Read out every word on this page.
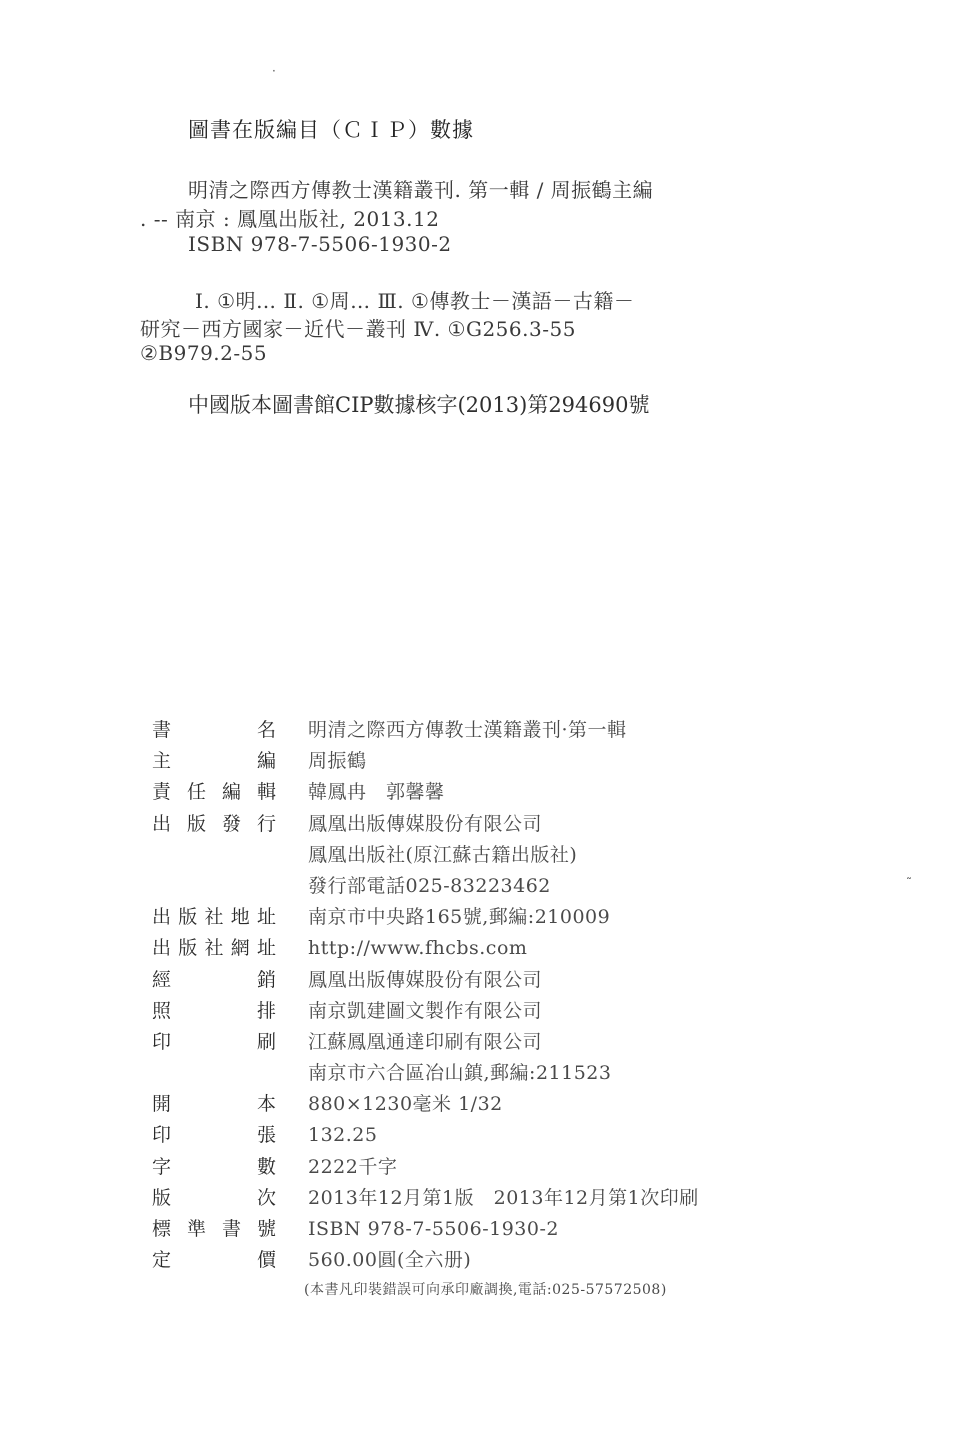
·
˜
圖書在版編目（ＣＩＰ）數據
明清之際西方傳教士漢籍叢刊. 第一輯 / 周振鶴主編
. -- 南京 : 鳳凰出版社, 2013.12
ISBN 978-7-5506-1930-2
Ⅰ. ①明… Ⅱ. ①周… Ⅲ. ①傳教士－漢語－古籍－
研究－西方國家－近代－叢刊 Ⅳ. ①G256.3-55
②B979.2-55
中國版本圖書館CIP數據核字(2013)第294690號
書 名 明清之際西方傳教士漢籍叢刊·第一輯
主 編 周振鶴
責 任 編 輯 韓鳳冉　郭馨馨
出 版 發 行 鳳凰出版傳媒股份有限公司
鳳凰出版社(原江蘇古籍出版社)
發行部電話025-83223462
出 版 社 地 址 南京市中央路165號,郵編:210009
出 版 社 網 址 http://www.fhcbs.com
經 銷 鳳凰出版傳媒股份有限公司
照 排 南京凱建圖文製作有限公司
印 刷 江蘇鳳凰通達印刷有限公司
南京市六合區冶山鎮,郵編:211523
開 本 880×1230毫米 1/32
印 張 132.25
字 數 2222千字
版 次 2013年12月第1版　2013年12月第1次印刷
標 準 書 號 ISBN 978-7-5506-1930-2
定 價 560.00圓(全六册)
(本書凡印裝錯誤可向承印廠調換,電話:025-57572508)
